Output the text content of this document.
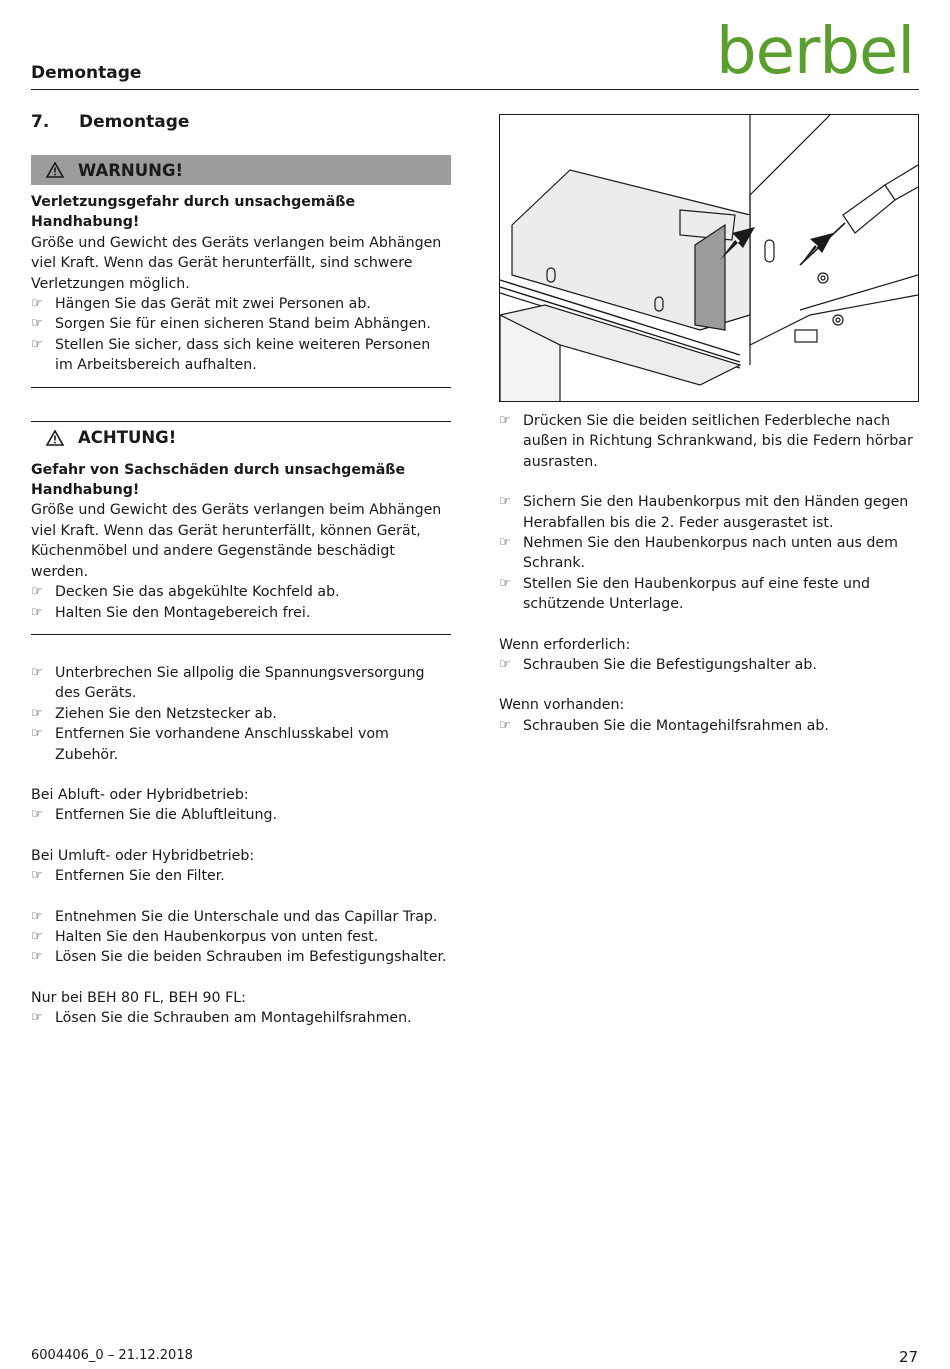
Demontage	berbel
7. Demontage
WARNUNG!
Verletzungsgefahr durch unsachgemäße Handhabung!
Größe und Gewicht des Geräts verlangen beim Abhängen viel Kraft. Wenn das Gerät herunterfällt, sind schwere Verletzungen möglich.
☞ Hängen Sie das Gerät mit zwei Personen ab.
☞ Sorgen Sie für einen sicheren Stand beim Abhängen.
☞ Stellen Sie sicher, dass sich keine weiteren Personen im Arbeitsbereich aufhalten.
ACHTUNG!
Gefahr von Sachschäden durch unsachgemäße Handhabung!
Größe und Gewicht des Geräts verlangen beim Abhängen viel Kraft. Wenn das Gerät herunterfällt, können Gerät, Küchenmöbel und andere Gegenstände beschädigt werden.
☞ Decken Sie das abgekühlte Kochfeld ab.
☞ Halten Sie den Montagebereich frei.
☞ Unterbrechen Sie allpolig die Spannungsversorgung des Geräts.
☞ Ziehen Sie den Netzstecker ab.
☞ Entfernen Sie vorhandene Anschlusskabel vom Zubehör.
Bei Abluft- oder Hybridbetrieb:
☞ Entfernen Sie die Abluftleitung.
Bei Umluft- oder Hybridbetrieb:
☞ Entfernen Sie den Filter.
☞ Entnehmen Sie die Unterschale und das Capillar Trap.
☞ Halten Sie den Haubenkorpus von unten fest.
☞ Lösen Sie die beiden Schrauben im Befestigungshalter.
Nur bei BEH 80 FL, BEH 90 FL:
☞ Lösen Sie die Schrauben am Montagehilfsrahmen.
☞ Drücken Sie die beiden seitlichen Federbleche nach außen in Richtung Schrankwand, bis die Federn hörbar ausrasten.
☞ Sichern Sie den Haubenkorpus mit den Händen gegen Herabfallen bis die 2. Feder ausgerastet ist.
☞ Nehmen Sie den Haubenkorpus nach unten aus dem Schrank.
☞ Stellen Sie den Haubenkorpus auf eine feste und schützende Unterlage.
Wenn erforderlich:
☞ Schrauben Sie die Befestigungshalter ab.
Wenn vorhanden:
☞ Schrauben Sie die Montagehilfsrahmen ab.
6004406_0 – 21.12.2018	27
